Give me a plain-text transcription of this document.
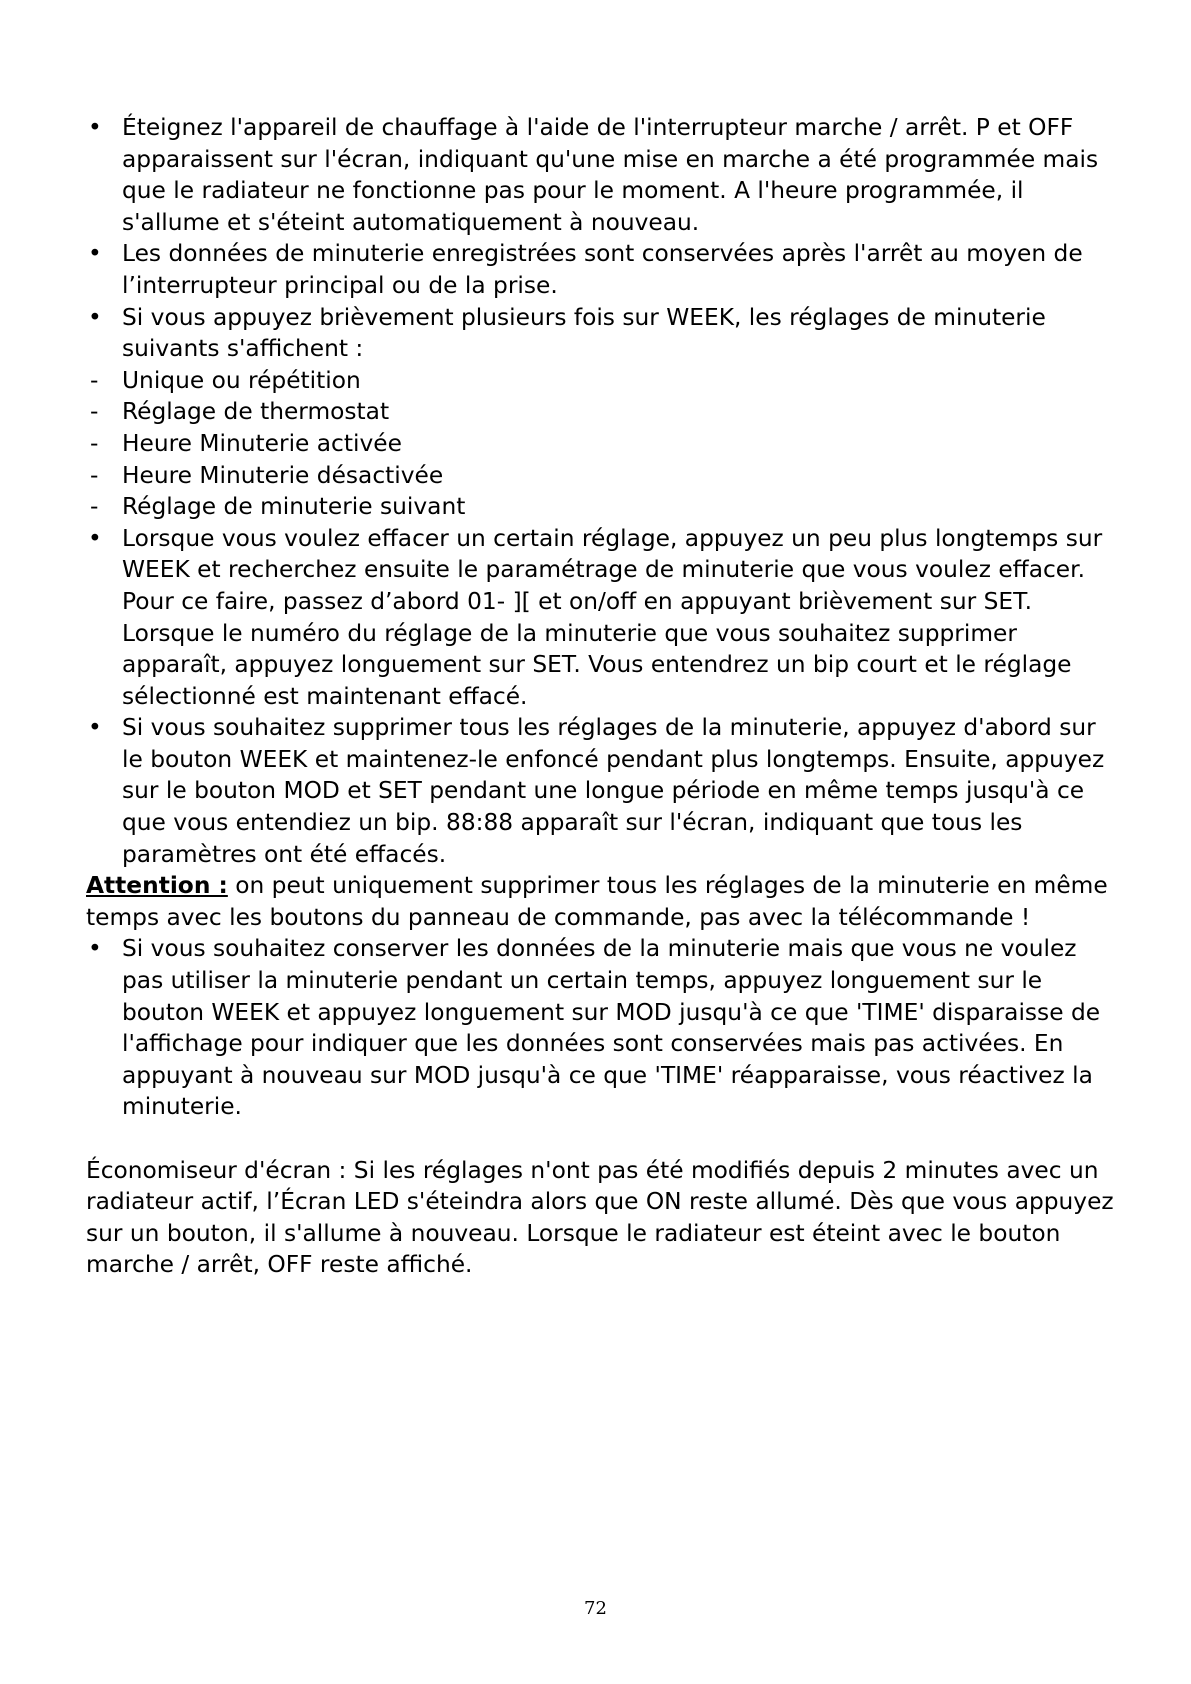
• Éteignez l'appareil de chauffage à l'aide de l'interrupteur marche / arrêt. P et OFF apparaissent sur l'écran, indiquant qu'une mise en marche a été programmée mais que le radiateur ne fonctionne pas pour le moment. A l'heure programmée, il s'allume et s'éteint automatiquement à nouveau.
• Les données de minuterie enregistrées sont conservées après l'arrêt au moyen de l’interrupteur principal ou de la prise.
• Si vous appuyez brièvement plusieurs fois sur WEEK, les réglages de minuterie suivants s'affichent :
- Unique ou répétition
- Réglage de thermostat
- Heure Minuterie activée
- Heure Minuterie désactivée
- Réglage de minuterie suivant
• Lorsque vous voulez effacer un certain réglage, appuyez un peu plus longtemps sur WEEK et recherchez ensuite le paramétrage de minuterie que vous voulez effacer. Pour ce faire, passez d’abord 01- ][ et on/off en appuyant brièvement sur SET. Lorsque le numéro du réglage de la minuterie que vous souhaitez supprimer apparaît, appuyez longuement sur SET. Vous entendrez un bip court et le réglage sélectionné est maintenant effacé.
• Si vous souhaitez supprimer tous les réglages de la minuterie, appuyez d'abord sur le bouton WEEK et maintenez-le enfoncé pendant plus longtemps. Ensuite, appuyez sur le bouton MOD et SET pendant une longue période en même temps jusqu'à ce que vous entendiez un bip. 88:88 apparaît sur l'écran, indiquant que tous les paramètres ont été effacés.

Attention : on peut uniquement supprimer tous les réglages de la minuterie en même temps avec les boutons du panneau de commande, pas avec la télécommande !

• Si vous souhaitez conserver les données de la minuterie mais que vous ne voulez pas utiliser la minuterie pendant un certain temps, appuyez longuement sur le bouton WEEK et appuyez longuement sur MOD jusqu'à ce que 'TIME' disparaisse de l'affichage pour indiquer que les données sont conservées mais pas activées. En appuyant à nouveau sur MOD jusqu'à ce que 'TIME' réapparaisse, vous réactivez la minuterie.

Économiseur d'écran : Si les réglages n'ont pas été modifiés depuis 2 minutes avec un radiateur actif, l’Écran LED s'éteindra alors que ON reste allumé. Dès que vous appuyez sur un bouton, il s'allume à nouveau. Lorsque le radiateur est éteint avec le bouton marche / arrêt, OFF reste affiché.

72
